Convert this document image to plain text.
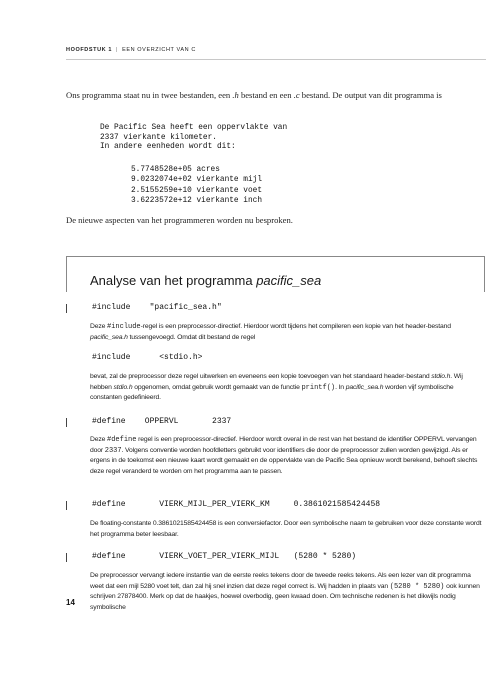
HOOFDSTUK 1 | EEN OVERZICHT VAN C
Ons programma staat nu in twee bestanden, een .h bestand en een .c bestand. De output van dit programma is
De Pacific Sea heeft een oppervlakte van
2337 vierkante kilometer.
In andere eenheden wordt dit:
5.7748528e+05 acres
9.0232074e+02 vierkante mijl
2.5155259e+10 vierkante voet
3.6223572e+12 vierkante inch
De nieuwe aspecten van het programmeren worden nu besproken.
Analyse van het programma pacific_sea
#include    "pacific_sea.h"
Deze #include-regel is een preprocessor-directief. Hierdoor wordt tijdens het compileren een kopie van het header-bestand pacific_sea.h tussengevoegd. Omdat dit bestand de regel
#include      <stdio.h>
bevat, zal de preprocessor deze regel uitwerken en eveneens een kopie toevoegen van het standaard header-bestand stdio.h. Wij hebben stdio.h opgenomen, omdat gebruik wordt gemaakt van de functie printf(). In pacific_sea.h worden vijf symbolische constanten gedefinieerd.
#define    OPPERVL       2337
Deze #define regel is een preprocessor-directief. Hierdoor wordt overal in de rest van het bestand de identifier OPPERVL vervangen door 2337. Volgens conventie worden hoofdletters gebruikt voor identifiers die door de preprocessor zullen worden gewijzigd. Als er ergens in de toekomst een nieuwe kaart wordt gemaakt en de oppervlakte van de Pacific Sea opnieuw wordt berekend, behoeft slechts deze regel veranderd te worden om het programma aan te passen.
#define       VIERK_MIJL_PER_VIERK_KM     0.3861021585424458
De floating-constante 0.3861021585424458 is een conversiefactor. Door een symbolische naam te gebruiken voor deze constante wordt het programma beter leesbaar.
#define       VIERK_VOET_PER_VIERK_MIJL   (5280 * 5280)
De preprocessor vervangt iedere instantie van de eerste reeks tekens door de tweede reeks tekens. Als een lezer van dit programma weet dat een mijl 5280 voet telt, dan zal hij snel inzien dat deze regel correct is. Wij hadden in plaats van (5280 * 5280) ook kunnen schrijven 27878400. Merk op dat de haakjes, hoewel overbodig, geen kwaad doen. Om technische redenen is het dikwijls nodig symbolische
14
